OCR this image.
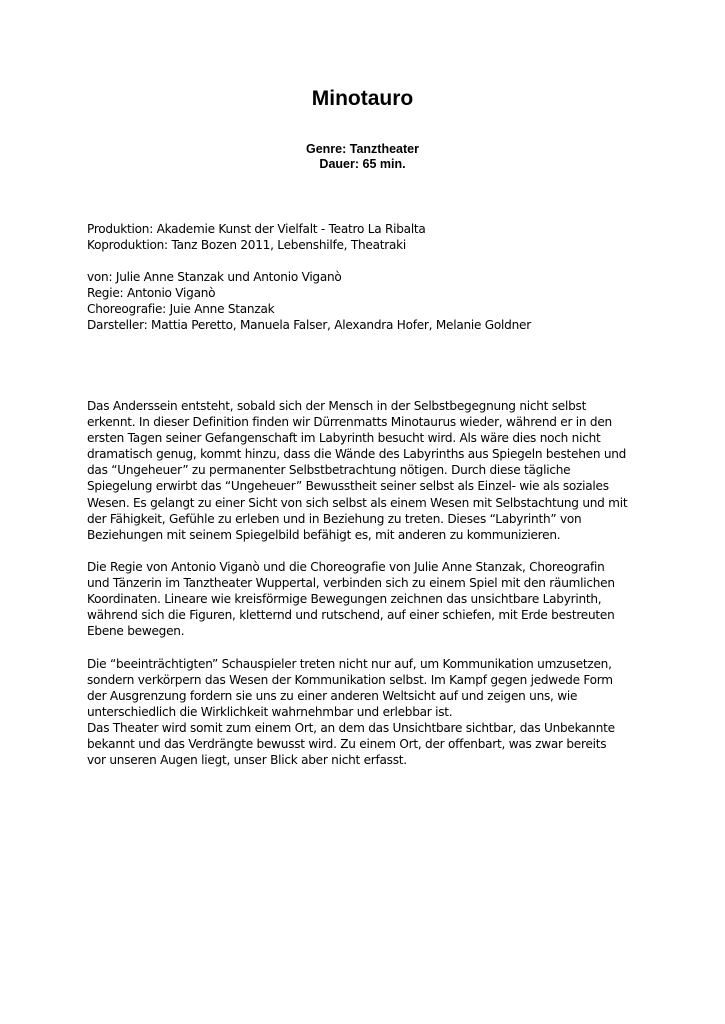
Minotauro
Genre: Tanztheater
Dauer: 65 min.
Produktion: Akademie Kunst der Vielfalt - Teatro La Ribalta
Koproduktion: Tanz Bozen 2011, Lebenshilfe, Theatraki
von: Julie Anne Stanzak und Antonio Viganò
Regie: Antonio Viganò
Choreografie: Juie Anne Stanzak
Darsteller: Mattia Peretto, Manuela Falser, Alexandra Hofer, Melanie Goldner

Das Anderssein entsteht, sobald sich der Mensch in der Selbstbegegnung nicht selbst
erkennt. In dieser Definition finden wir Dürrenmatts Minotaurus wieder, während er in den
ersten Tagen seiner Gefangenschaft im Labyrinth besucht wird. Als wäre dies noch nicht
dramatisch genug, kommt hinzu, dass die Wände des Labyrinths aus Spiegeln bestehen und
das “Ungeheuer” zu permanenter Selbstbetrachtung nötigen. Durch diese tägliche
Spiegelung erwirbt das “Ungeheuer” Bewusstheit seiner selbst als Einzel- wie als soziales
Wesen. Es gelangt zu einer Sicht von sich selbst als einem Wesen mit Selbstachtung und mit
der Fähigkeit, Gefühle zu erleben und in Beziehung zu treten. Dieses “Labyrinth” von
Beziehungen mit seinem Spiegelbild befähigt es, mit anderen zu kommunizieren.

Die Regie von Antonio Viganò und die Choreografie von Julie Anne Stanzak, Choreografin
und Tänzerin im Tanztheater Wuppertal, verbinden sich zu einem Spiel mit den räumlichen
Koordinaten. Lineare wie kreisförmige Bewegungen zeichnen das unsichtbare Labyrinth,
während sich die Figuren, kletternd und rutschend, auf einer schiefen, mit Erde bestreuten
Ebene bewegen.

Die “beeinträchtigten” Schauspieler treten nicht nur auf, um Kommunikation umzusetzen,
sondern verkörpern das Wesen der Kommunikation selbst. Im Kampf gegen jedwede Form
der Ausgrenzung fordern sie uns zu einer anderen Weltsicht auf und zeigen uns, wie
unterschiedlich die Wirklichkeit wahrnehmbar und erlebbar ist.
Das Theater wird somit zum einem Ort, an dem das Unsichtbare sichtbar, das Unbekannte
bekannt und das Verdrängte bewusst wird. Zu einem Ort, der offenbart, was zwar bereits
vor unseren Augen liegt, unser Blick aber nicht erfasst.
